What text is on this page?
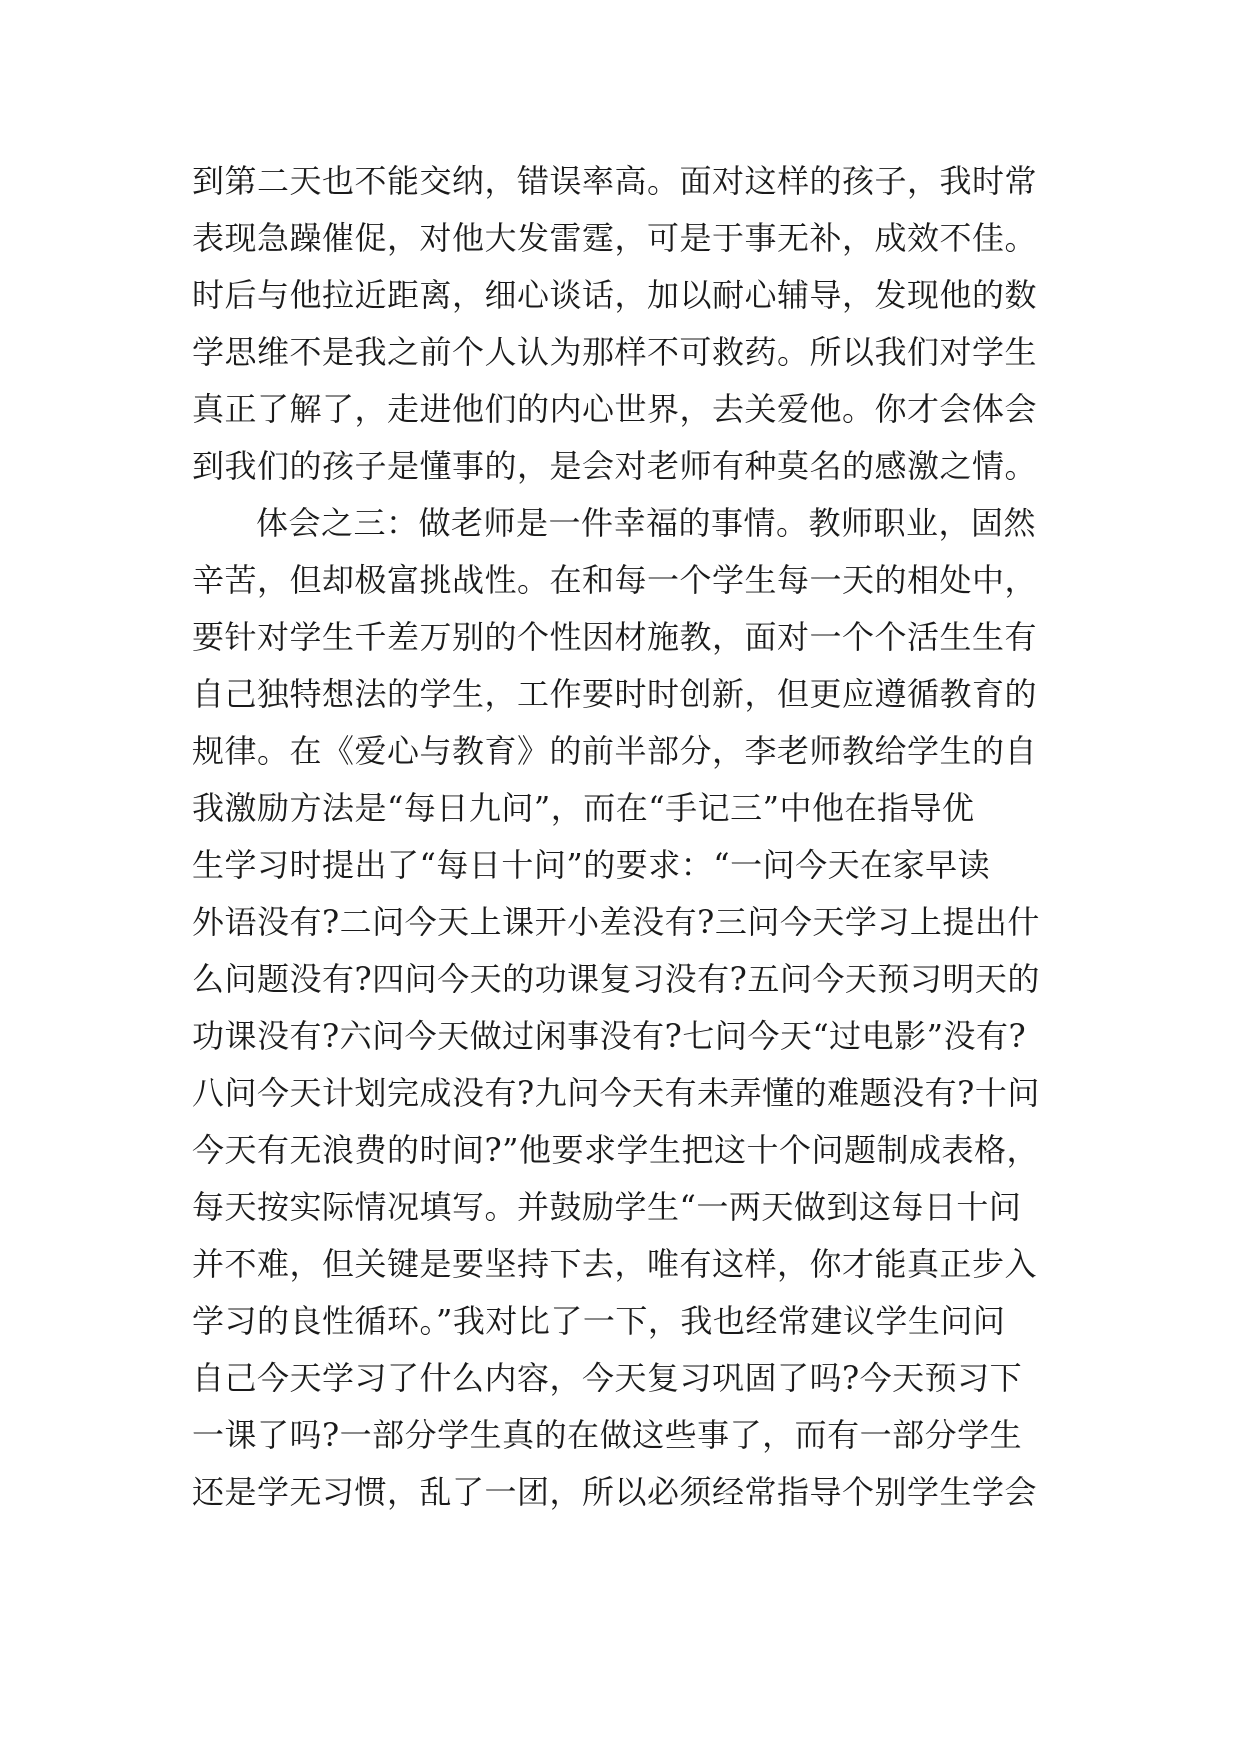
到第二天也不能交纳，错误率高。面对这样的孩子，我时常
表现急躁催促，对他大发雷霆，可是于事无补，成效不佳。
时后与他拉近距离，细心谈话，加以耐心辅导，发现他的数
学思维不是我之前个人认为那样不可救药。所以我们对学生
真正了解了，走进他们的内心世界，去关爱他。你才会体会
到我们的孩子是懂事的，是会对老师有种莫名的感激之情。
体会之三：做老师是一件幸福的事情。教师职业，固然
辛苦，但却极富挑战性。在和每一个学生每一天的相处中，
要针对学生千差万别的个性因材施教，面对一个个活生生有
自己独特想法的学生，工作要时时创新，但更应遵循教育的
规律。在《爱心与教育》的前半部分，李老师教给学生的自
我激励方法是“每日九问”，而在“手记三”中他在指导优
生学习时提出了“每日十问”的要求：“一问今天在家早读
外语没有?二问今天上课开小差没有?三问今天学习上提出什
么问题没有?四问今天的功课复习没有?五问今天预习明天的
功课没有?六问今天做过闲事没有?七问今天“过电影”没有?
八问今天计划完成没有?九问今天有未弄懂的难题没有?十问
今天有无浪费的时间?”他要求学生把这十个问题制成表格，
每天按实际情况填写。并鼓励学生“一两天做到这每日十问
并不难，但关键是要坚持下去，唯有这样，你才能真正步入
学习的良性循环。”我对比了一下，我也经常建议学生问问
自己今天学习了什么内容，今天复习巩固了吗?今天预习下
一课了吗?一部分学生真的在做这些事了，而有一部分学生
还是学无习惯，乱了一团，所以必须经常指导个别学生学会
